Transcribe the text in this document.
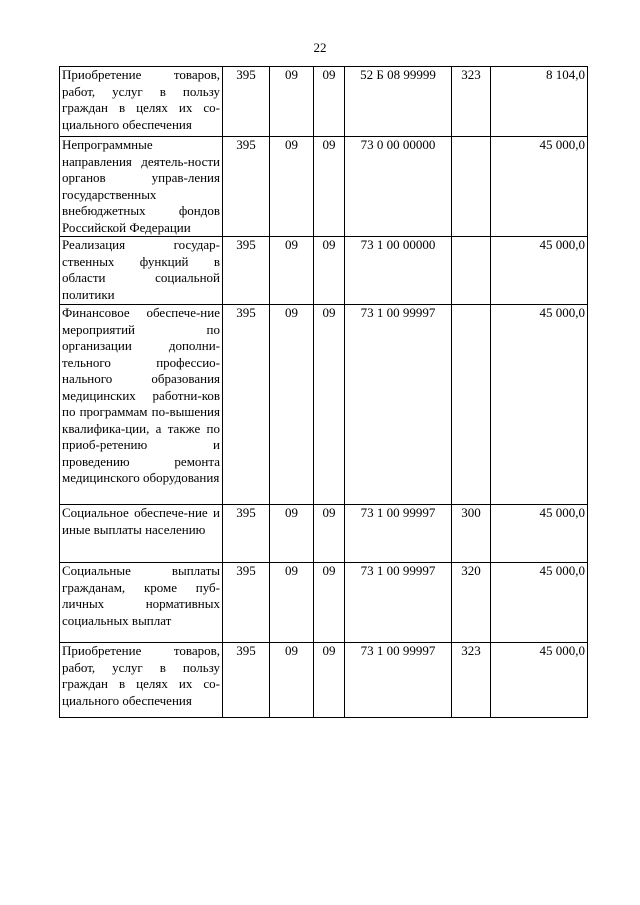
22
Приобретение товаров, работ, услуг в пользу граждан в целях их со-циального обеспечения	395	09	09	52 Б 08 99999	323	8 104,0
Непрограммные направления деятель-ности органов управ-ления государственных внебюджетных фондов Российской Федерации	395	09	09	73 0 00 00000		45 000,0
Реализация государ-ственных функций в области социальной политики	395	09	09	73 1 00 00000		45 000,0
Финансовое обеспече-ние мероприятий по организации дополни-тельного профессио-нального образования медицинских работни-ков по программам по-вышения квалифика-ции, а также по приоб-ретению и проведению ремонта медицинского оборудования	395	09	09	73 1 00 99997		45 000,0
Социальное обеспече-ние и иные выплаты населению	395	09	09	73 1 00 99997	300	45 000,0
Социальные выплаты гражданам, кроме пуб-личных нормативных социальных выплат	395	09	09	73 1 00 99997	320	45 000,0
Приобретение товаров, работ, услуг в пользу граждан в целях их со-циального обеспечения	395	09	09	73 1 00 99997	323	45 000,0
